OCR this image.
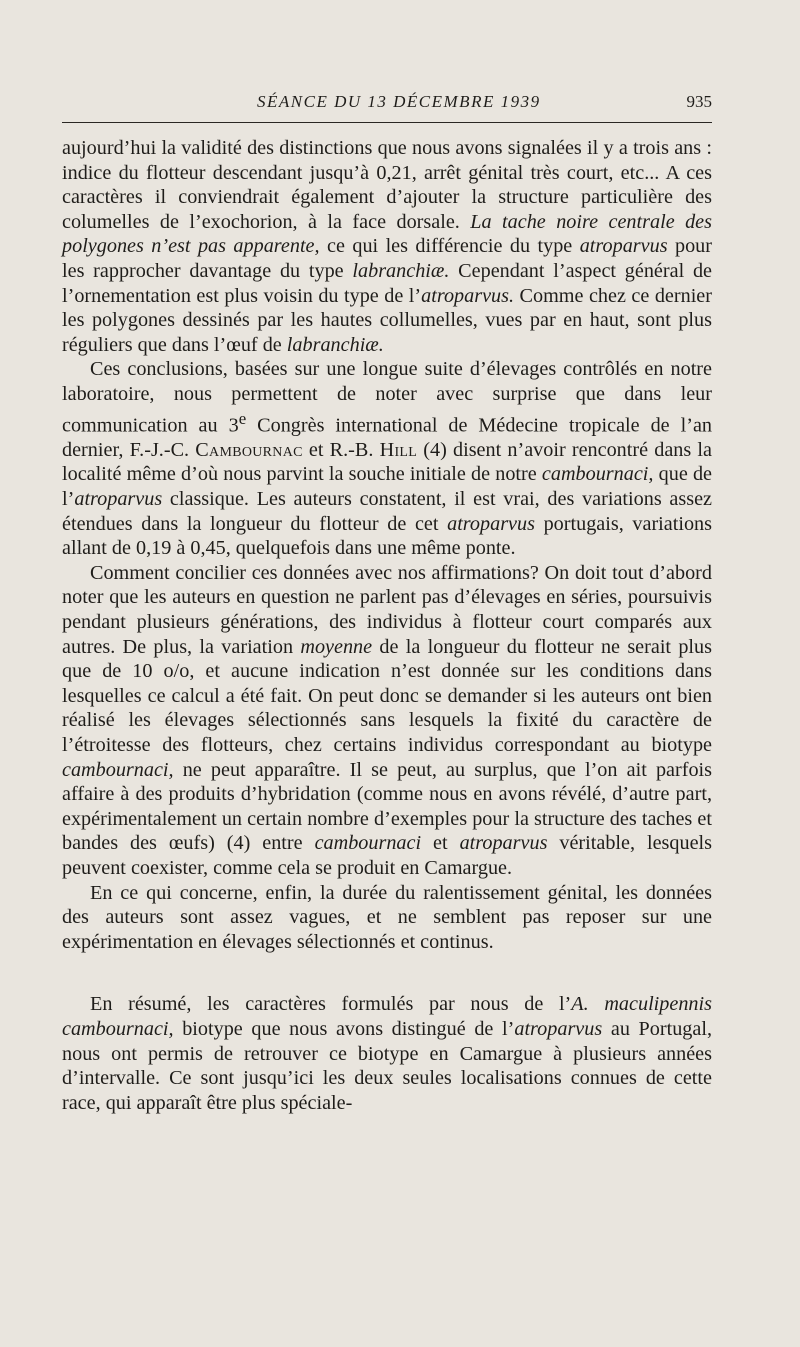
SÉANCE DU 13 DÉCEMBRE 1939	935

aujourd’hui la validité des distinctions que nous avons signalées il y a trois ans : indice du flotteur descendant jusqu’à 0,21, arrêt génital très court, etc... A ces caractères il conviendrait également d’ajouter la structure particulière des columelles de l’exochorion, à la face dorsale. La tache noire centrale des polygones n’est pas apparente, ce qui les différencie du type atroparvus pour les rapprocher davantage du type labranchiæ. Cependant l’aspect général de l’ornementation est plus voisin du type de l’atroparvus. Comme chez ce dernier les polygones dessinés par les hautes collumelles, vues par en haut, sont plus réguliers que dans l’œuf de labranchiæ.

Ces conclusions, basées sur une longue suite d’élevages contrôlés en notre laboratoire, nous permettent de noter avec surprise que dans leur communication au 3e Congrès international de Médecine tropicale de l’an dernier, F.-J.-C. Cambournac et R.-B. Hill (4) disent n’avoir rencontré dans la localité même d’où nous parvint la souche initiale de notre cambournaci, que de l’atroparvus classique. Les auteurs constatent, il est vrai, des variations assez étendues dans la longueur du flotteur de cet atroparvus portugais, variations allant de 0,19 à 0,45, quelquefois dans une même ponte.

Comment concilier ces données avec nos affirmations? On doit tout d’abord noter que les auteurs en question ne parlent pas d’élevages en séries, poursuivis pendant plusieurs générations, des individus à flotteur court comparés aux autres. De plus, la variation moyenne de la longueur du flotteur ne serait plus que de 10 o/o, et aucune indication n’est donnée sur les conditions dans lesquelles ce calcul a été fait. On peut donc se demander si les auteurs ont bien réalisé les élevages sélectionnés sans lesquels la fixité du caractère de l’étroitesse des flotteurs, chez certains individus correspondant au biotype cambournaci, ne peut apparaître. Il se peut, au surplus, que l’on ait parfois affaire à des produits d’hybridation (comme nous en avons révélé, d’autre part, expérimentalement un certain nombre d’exemples pour la structure des taches et bandes des œufs) (4) entre cambournaci et atroparvus véritable, lesquels peuvent coexister, comme cela se produit en Camargue.

En ce qui concerne, enfin, la durée du ralentissement génital, les données des auteurs sont assez vagues, et ne semblent pas reposer sur une expérimentation en élevages sélectionnés et continus.

En résumé, les caractères formulés par nous de l’A. maculipennis cambournaci, biotype que nous avons distingué de l’atroparvus au Portugal, nous ont permis de retrouver ce biotype en Camargue à plusieurs années d’intervalle. Ce sont jusqu’ici les deux seules localisations connues de cette race, qui apparaît être plus spéciale-
